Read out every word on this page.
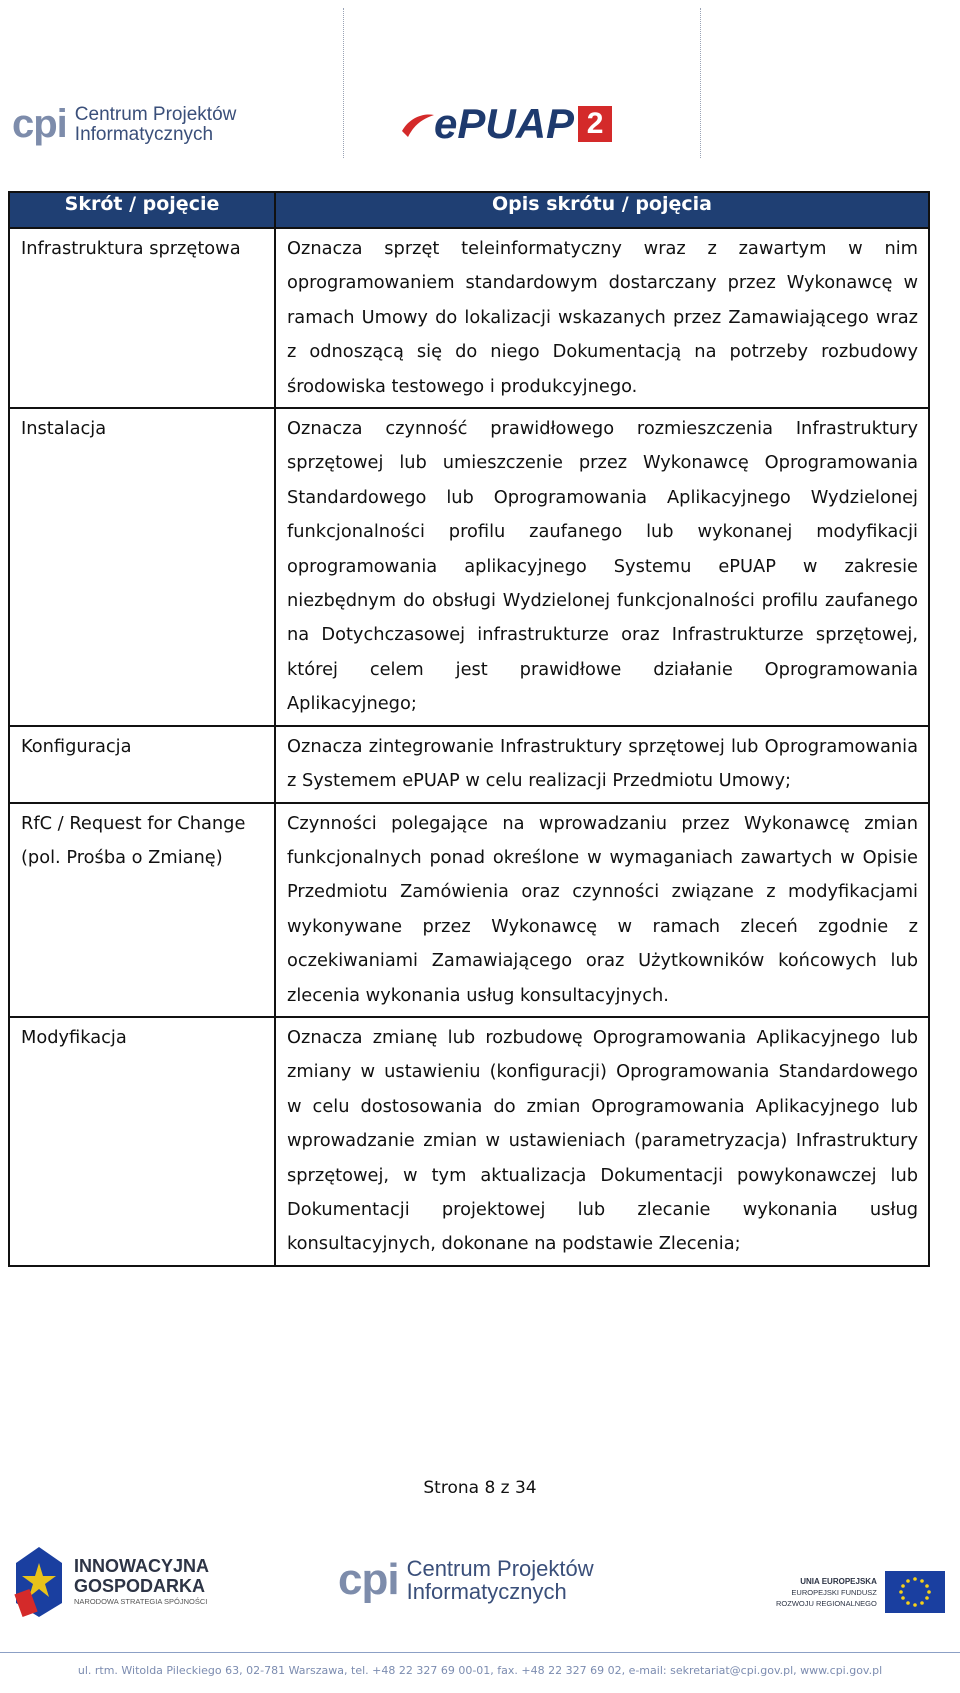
cpi Centrum Projektów
Informatycznych	ePUAP 2
Skrót / pojęcie	Opis skrótu / pojęcia
Infrastruktura sprzętowa	Oznacza sprzęt teleinformatyczny wraz z zawartym w nim oprogramowaniem standardowym dostarczany przez Wykonawcę w ramach Umowy do lokalizacji wskazanych przez Zamawiającego wraz z odnoszącą się do niego Dokumentacją na potrzeby rozbudowy środowiska testowego i produkcyjnego.
Instalacja	Oznacza czynność prawidłowego rozmieszczenia Infrastruktury sprzętowej lub umieszczenie przez Wykonawcę Oprogramowania Standardowego lub Oprogramowania Aplikacyjnego Wydzielonej funkcjonalności profilu zaufanego lub wykonanej modyfikacji oprogramowania aplikacyjnego Systemu ePUAP w zakresie niezbędnym do obsługi Wydzielonej funkcjonalności profilu zaufanego na Dotychczasowej infrastrukturze oraz Infrastrukturze sprzętowej, której celem jest prawidłowe działanie Oprogramowania Aplikacyjnego;
Konfiguracja	Oznacza zintegrowanie Infrastruktury sprzętowej lub Oprogramowania z Systemem ePUAP w celu realizacji Przedmiotu Umowy;
RfC / Request for Change (pol. Prośba o Zmianę)	Czynności polegające na wprowadzaniu przez Wykonawcę zmian funkcjonalnych ponad określone w wymaganiach zawartych w Opisie Przedmiotu Zamówienia oraz czynności związane z modyfikacjami wykonywane przez Wykonawcę w ramach zleceń zgodnie z oczekiwaniami Zamawiającego oraz Użytkowników końcowych lub zlecenia wykonania usług konsultacyjnych.
Modyfikacja	Oznacza zmianę lub rozbudowę Oprogramowania Aplikacyjnego lub zmiany w ustawieniu (konfiguracji) Oprogramowania Standardowego w celu dostosowania do zmian Oprogramowania Aplikacyjnego lub wprowadzanie zmian w ustawieniach (parametryzacja) Infrastruktury sprzętowej, w tym aktualizacja Dokumentacji powykonawczej lub Dokumentacji projektowej lub zlecanie wykonania usług konsultacyjnych, dokonane na podstawie Zlecenia;
Strona 8 z 34
INNOWACYJNA
GOSPODARKA
NARODOWA STRATEGIA SPÓJNOŚCI	cpi Centrum Projektów
Informatycznych	UNIA EUROPEJSKA
EUROPEJSKI FUNDUSZ
ROZWOJU REGIONALNEGO
ul. rtm. Witolda Pileckiego 63, 02-781 Warszawa, tel. +48 22 327 69 00-01, fax. +48 22 327 69 02, e-mail: sekretariat@cpi.gov.pl, www.cpi.gov.pl
